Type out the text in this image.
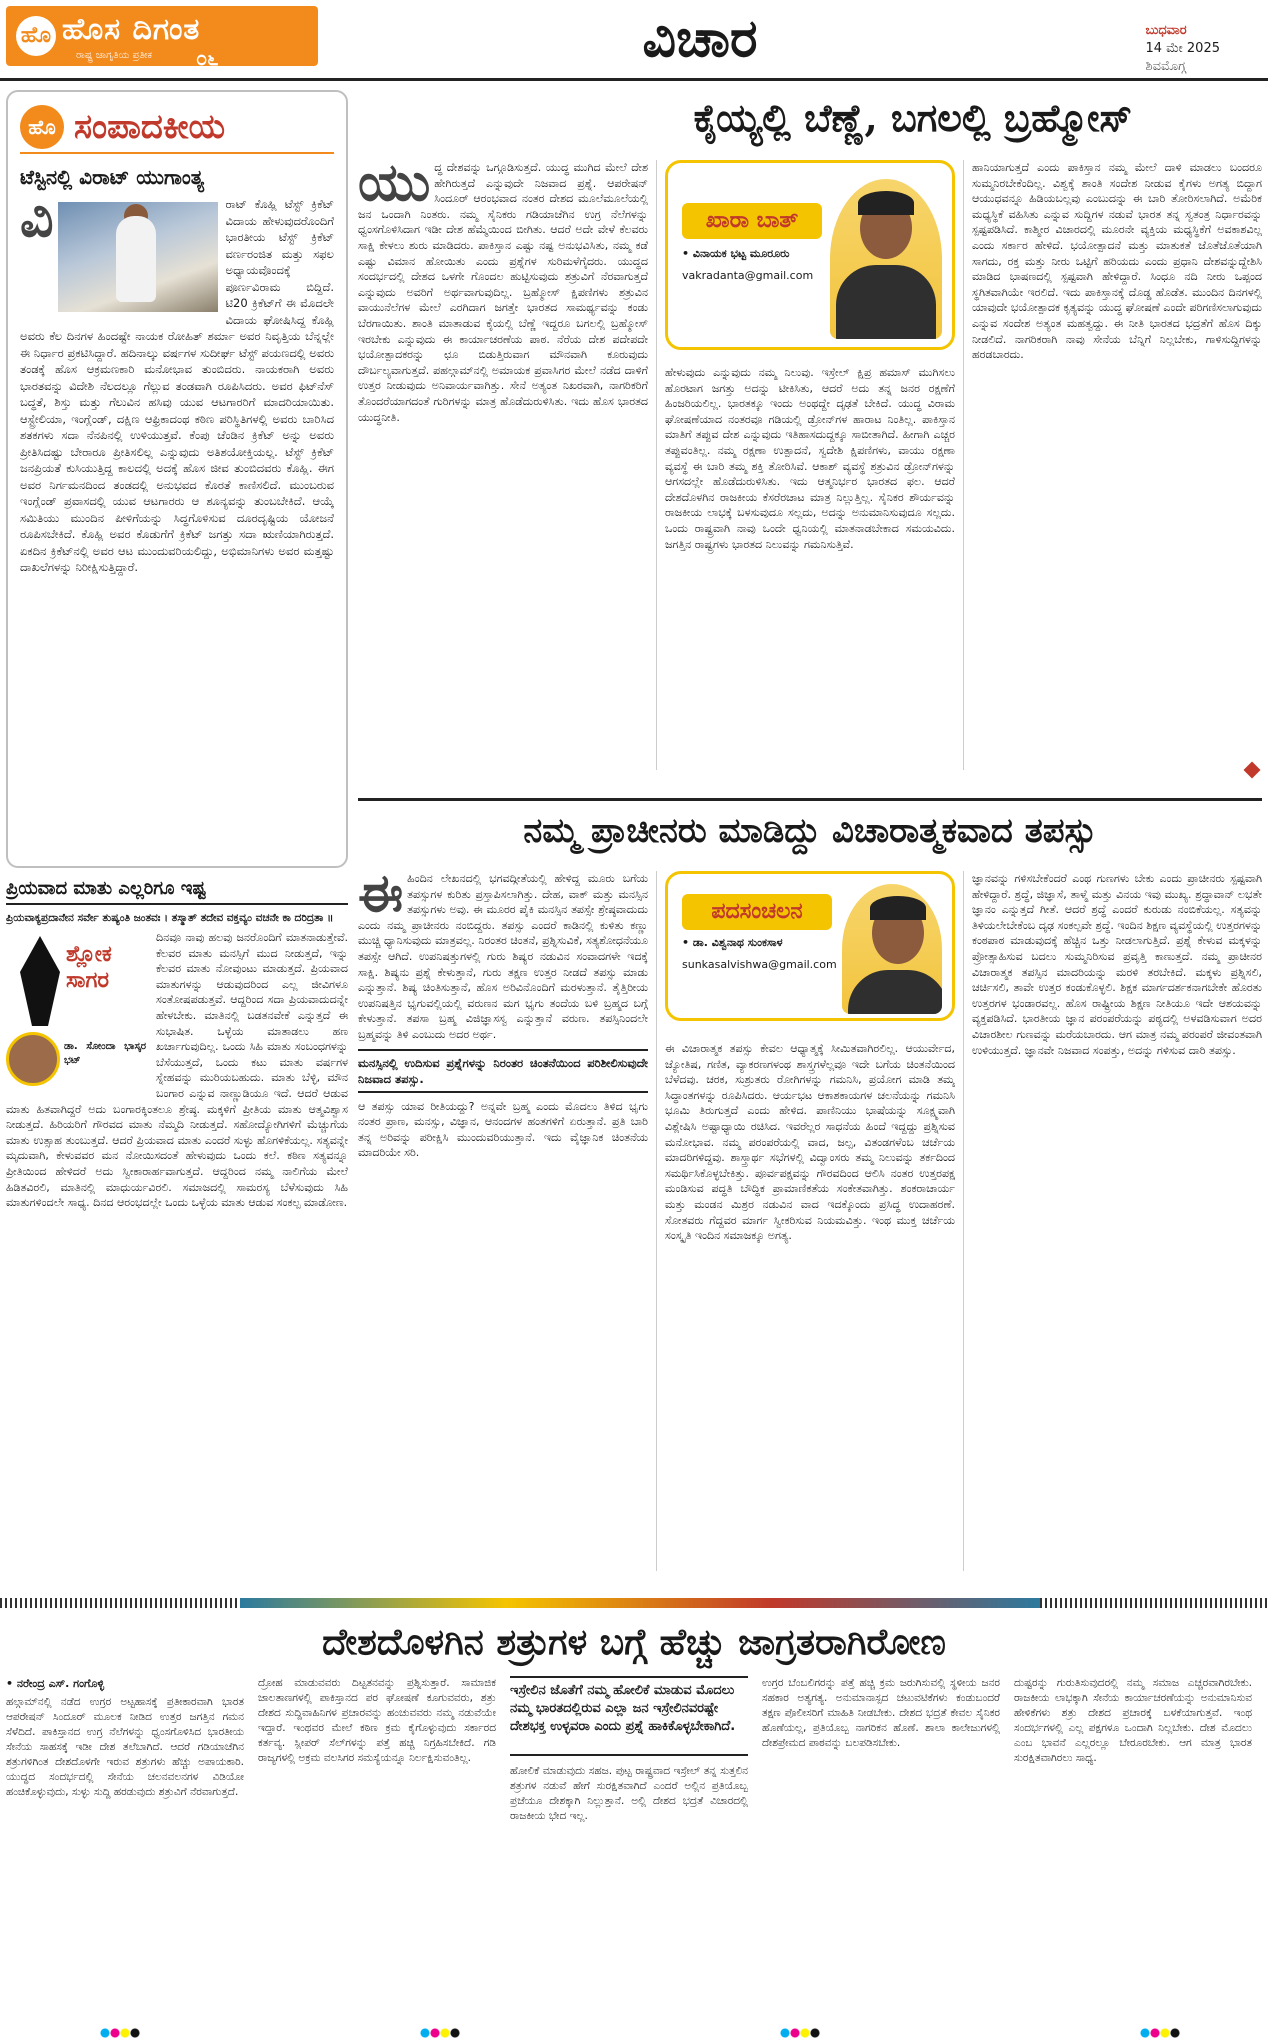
ಹೊ ಹೊಸ ದಿಗಂತ
ರಾಷ್ಟ್ರ ಜಾಗೃತಿಯ ಪ್ರತೀಕ ೦೬	ವಿಚಾರ	ಬುಧವಾರ
14 ಮೇ 2025
ಶಿವಮೊಗ್ಗ
ಹೊ ಸಂಪಾದಕೀಯ
ಟೆಸ್ಟಿನಲ್ಲಿ ವಿರಾಟ್ ಯುಗಾಂತ್ಯ
ವಿ	ರಾಟ್ ಕೊಹ್ಲಿ ಟೆಸ್ಟ್ ಕ್ರಿಕೆಟ್ ವಿದಾಯ ಹೇಳುವುದರೊಂದಿಗೆ ಭಾರತೀಯ ಟೆಸ್ಟ್ ಕ್ರಿಕೆಟ್ ವರ್ಣರಂಜಿತ ಮತ್ತು ಸಫಲ ಅಧ್ಯಾಯವೊಂದಕ್ಕೆ ಪೂರ್ಣವಿರಾಮ ಬಿದ್ದಿದೆ. ಟಿ20 ಕ್ರಿಕೆಟ್‌ಗೆ ಈ ಮೊದಲೇ ವಿದಾಯ ಘೋಷಿಸಿದ್ದ ಕೊಹ್ಲಿ ಅವರು ಕೆಲ ದಿನಗಳ ಹಿಂದಷ್ಟೇ ನಾಯಕ ರೋಹಿತ್ ಶರ್ಮಾ ಅವರ ನಿವೃತ್ತಿಯ ಬೆನ್ನಲ್ಲೇ ಈ ನಿರ್ಧಾರ ಪ್ರಕಟಿಸಿದ್ದಾರೆ. ಹದಿನಾಲ್ಕು ವರ್ಷಗಳ ಸುದೀರ್ಘ ಟೆಸ್ಟ್ ಪಯಣದಲ್ಲಿ ಅವರು ತಂಡಕ್ಕೆ ಹೊಸ ಆಕ್ರಮಣಕಾರಿ ಮನೋಭಾವ ತುಂಬಿದರು. ನಾಯಕರಾಗಿ ಅವರು ಭಾರತವನ್ನು ವಿದೇಶಿ ನೆಲದಲ್ಲೂ ಗೆಲ್ಲುವ ತಂಡವಾಗಿ ರೂಪಿಸಿದರು. ಅವರ ಫಿಟ್‌ನೆಸ್ ಬದ್ಧತೆ, ಶಿಸ್ತು ಮತ್ತು ಗೆಲುವಿನ ಹಸಿವು ಯುವ ಆಟಗಾರರಿಗೆ ಮಾದರಿಯಾಯಿತು. ಆಸ್ಟ್ರೇಲಿಯಾ, ಇಂಗ್ಲೆಂಡ್, ದಕ್ಷಿಣ ಆಫ್ರಿಕಾದಂಥ ಕಠಿಣ ಪರಿಸ್ಥಿತಿಗಳಲ್ಲಿ ಅವರು ಬಾರಿಸಿದ ಶತಕಗಳು ಸದಾ ನೆನಪಿನಲ್ಲಿ ಉಳಿಯುತ್ತವೆ. ಕೆಂಪು ಚೆಂಡಿನ ಕ್ರಿಕೆಟ್ ಅನ್ನು ಅವರು ಪ್ರೀತಿಸಿದಷ್ಟು ಬೇರಾರೂ ಪ್ರೀತಿಸಲಿಲ್ಲ ಎನ್ನುವುದು ಅತಿಶಯೋಕ್ತಿಯಲ್ಲ. ಟೆಸ್ಟ್ ಕ್ರಿಕೆಟ್ ಜನಪ್ರಿಯತೆ ಕುಸಿಯುತ್ತಿದ್ದ ಕಾಲದಲ್ಲಿ ಅದಕ್ಕೆ ಹೊಸ ಜೀವ ತುಂಬಿದವರು ಕೊಹ್ಲಿ. ಈಗ ಅವರ ನಿರ್ಗಮನದಿಂದ ತಂಡದಲ್ಲಿ ಅನುಭವದ ಕೊರತೆ ಕಾಣಿಸಲಿದೆ. ಮುಂಬರುವ ಇಂಗ್ಲೆಂಡ್ ಪ್ರವಾಸದಲ್ಲಿ ಯುವ ಆಟಗಾರರು ಆ ಶೂನ್ಯವನ್ನು ತುಂಬಬೇಕಿದೆ. ಆಯ್ಕೆ ಸಮಿತಿಯು ಮುಂದಿನ ಪೀಳಿಗೆಯನ್ನು ಸಿದ್ಧಗೊಳಿಸುವ ದೂರದೃಷ್ಟಿಯ ಯೋಜನೆ ರೂಪಿಸಬೇಕಿದೆ. ಕೊಹ್ಲಿ ಅವರ ಕೊಡುಗೆಗೆ ಕ್ರಿಕೆಟ್ ಜಗತ್ತು ಸದಾ ಋಣಿಯಾಗಿರುತ್ತದೆ. ಏಕದಿನ ಕ್ರಿಕೆಟ್‌ನಲ್ಲಿ ಅವರ ಆಟ ಮುಂದುವರಿಯಲಿದ್ದು, ಅಭಿಮಾನಿಗಳು ಅವರ ಮತ್ತಷ್ಟು ದಾಖಲೆಗಳನ್ನು ನಿರೀಕ್ಷಿಸುತ್ತಿದ್ದಾರೆ.
ಕೈಯ್ಯಲ್ಲಿ ಬೆಣ್ಣೆ, ಬಗಲಲ್ಲಿ ಬ್ರಹ್ಮೋಸ್
ಯು ದ್ಧ ದೇಶವನ್ನು ಒಗ್ಗೂಡಿಸುತ್ತದೆ. ಯುದ್ಧ ಮುಗಿದ ಮೇಲೆ ದೇಶ ಹೇಗಿರುತ್ತದೆ ಎನ್ನುವುದೇ ನಿಜವಾದ ಪ್ರಶ್ನೆ. ಆಪರೇಷನ್ ಸಿಂದೂರ್ ಆರಂಭವಾದ ನಂತರ ದೇಶದ ಮೂಲೆಮೂಲೆಯಲ್ಲಿ ಜನ ಒಂದಾಗಿ ನಿಂತರು. ನಮ್ಮ ಸೈನಿಕರು ಗಡಿಯಾಚೆಗಿನ ಉಗ್ರ ನೆಲೆಗಳನ್ನು ಧ್ವಂಸಗೊಳಿಸಿದಾಗ ಇಡೀ ದೇಶ ಹೆಮ್ಮೆಯಿಂದ ಬೀಗಿತು. ಆದರೆ ಅದೇ ವೇಳೆ ಕೆಲವರು ಸಾಕ್ಷಿ ಕೇಳಲು ಶುರು ಮಾಡಿದರು. ಪಾಕಿಸ್ತಾನ ಎಷ್ಟು ನಷ್ಟ ಅನುಭವಿಸಿತು, ನಮ್ಮ ಕಡೆ ಎಷ್ಟು ವಿಮಾನ ಹೋಯಿತು ಎಂದು ಪ್ರಶ್ನೆಗಳ ಸುರಿಮಳೆಗೈದರು. ಯುದ್ಧದ ಸಂದರ್ಭದಲ್ಲಿ ದೇಶದ ಒಳಗೇ ಗೊಂದಲ ಹುಟ್ಟಿಸುವುದು ಶತ್ರುವಿಗೆ ನೆರವಾಗುತ್ತದೆ ಎನ್ನುವುದು ಅವರಿಗೆ ಅರ್ಥವಾಗುವುದಿಲ್ಲ. ಬ್ರಹ್ಮೋಸ್ ಕ್ಷಿಪಣಿಗಳು ಶತ್ರುವಿನ ವಾಯುನೆಲೆಗಳ ಮೇಲೆ ಎರಗಿದಾಗ ಜಗತ್ತೇ ಭಾರತದ ಸಾಮರ್ಥ್ಯವನ್ನು ಕಂಡು ಬೆರಗಾಯಿತು. ಶಾಂತಿ ಮಾತಾಡುವ ಕೈಯಲ್ಲಿ ಬೆಣ್ಣೆ ಇದ್ದರೂ ಬಗಲಲ್ಲಿ ಬ್ರಹ್ಮೋಸ್ ಇರಬೇಕು ಎನ್ನುವುದು ಈ ಕಾರ್ಯಾಚರಣೆಯ ಪಾಠ. ನೆರೆಯ ದೇಶ ಪದೇಪದೇ ಭಯೋತ್ಪಾದಕರನ್ನು ಛೂ ಬಿಡುತ್ತಿರುವಾಗ ಮೌನವಾಗಿ ಕೂರುವುದು ದೌರ್ಬಲ್ಯವಾಗುತ್ತದೆ. ಪಹಲ್ಗಾಮ್‌ನಲ್ಲಿ ಅಮಾಯಕ ಪ್ರವಾಸಿಗರ ಮೇಲೆ ನಡೆದ ದಾಳಿಗೆ ಉತ್ತರ ನೀಡುವುದು ಅನಿವಾರ್ಯವಾಗಿತ್ತು. ಸೇನೆ ಅತ್ಯಂತ ನಿಖರವಾಗಿ, ನಾಗರಿಕರಿಗೆ ತೊಂದರೆಯಾಗದಂತೆ ಗುರಿಗಳನ್ನು ಮಾತ್ರ ಹೊಡೆದುರುಳಿಸಿತು. ಇದು ಹೊಸ ಭಾರತದ ಯುದ್ಧನೀತಿ.
ಖಾರಾ ಬಾತ್
• ವಿನಾಯಕ ಭಟ್ಟ ಮೂರೂರು
vakradanta@gmail.com
ಹೇಳುವುದು ಎನ್ನುವುದು ನಮ್ಮ ನಿಲುವು. ಇಸ್ರೇಲ್ ಕ್ಷಿಪ್ರ ಹಮಾಸ್ ಮುಗಿಸಲು ಹೊರಟಾಗ ಜಗತ್ತು ಅದನ್ನು ಟೀಕಿಸಿತು, ಆದರೆ ಅದು ತನ್ನ ಜನರ ರಕ್ಷಣೆಗೆ ಹಿಂಜರಿಯಲಿಲ್ಲ. ಭಾರತಕ್ಕೂ ಇಂದು ಅಂಥದ್ದೇ ದೃಢತೆ ಬೇಕಿದೆ. ಯುದ್ಧ ವಿರಾಮ ಘೋಷಣೆಯಾದ ನಂತರವೂ ಗಡಿಯಲ್ಲಿ ಡ್ರೋನ್‌ಗಳ ಹಾರಾಟ ನಿಂತಿಲ್ಲ. ಪಾಕಿಸ್ತಾನ ಮಾತಿಗೆ ತಪ್ಪುವ ದೇಶ ಎನ್ನುವುದು ಇತಿಹಾಸದುದ್ದಕ್ಕೂ ಸಾಬೀತಾಗಿದೆ. ಹೀಗಾಗಿ ಎಚ್ಚರ ತಪ್ಪುವಂತಿಲ್ಲ. ನಮ್ಮ ರಕ್ಷಣಾ ಉತ್ಪಾದನೆ, ಸ್ವದೇಶಿ ಕ್ಷಿಪಣಿಗಳು, ವಾಯು ರಕ್ಷಣಾ ವ್ಯವಸ್ಥೆ ಈ ಬಾರಿ ತಮ್ಮ ಶಕ್ತಿ ತೋರಿಸಿವೆ. ಆಕಾಶ್ ವ್ಯವಸ್ಥೆ ಶತ್ರುವಿನ ಡ್ರೋನ್‌ಗಳನ್ನು ಆಗಸದಲ್ಲೇ ಹೊಡೆದುರುಳಿಸಿತು. ಇದು ಆತ್ಮನಿರ್ಭರ ಭಾರತದ ಫಲ. ಆದರೆ ದೇಶದೊಳಗಿನ ರಾಜಕೀಯ ಕೆಸರೆರಚಾಟ ಮಾತ್ರ ನಿಲ್ಲುತ್ತಿಲ್ಲ. ಸೈನಿಕರ ಶೌರ್ಯವನ್ನು ರಾಜಕೀಯ ಲಾಭಕ್ಕೆ ಬಳಸುವುದೂ ಸಲ್ಲದು, ಅದನ್ನು ಅನುಮಾನಿಸುವುದೂ ಸಲ್ಲದು. ಒಂದು ರಾಷ್ಟ್ರವಾಗಿ ನಾವು ಒಂದೇ ಧ್ವನಿಯಲ್ಲಿ ಮಾತನಾಡಬೇಕಾದ ಸಮಯವಿದು. ಜಗತ್ತಿನ ರಾಷ್ಟ್ರಗಳು ಭಾರತದ ನಿಲುವನ್ನು ಗಮನಿಸುತ್ತಿವೆ.
ಹಾನಿಯಾಗುತ್ತದೆ ಎಂದು ಪಾಕಿಸ್ತಾನ ನಮ್ಮ ಮೇಲೆ ದಾಳಿ ಮಾಡಲು ಬಂದರೂ ಸುಮ್ಮನಿರಬೇಕೆಂದಿಲ್ಲ. ವಿಶ್ವಕ್ಕೆ ಶಾಂತಿ ಸಂದೇಶ ನೀಡುವ ಕೈಗಳು ಅಗತ್ಯ ಬಿದ್ದಾಗ ಆಯುಧವನ್ನೂ ಹಿಡಿಯಬಲ್ಲವು ಎಂಬುದನ್ನು ಈ ಬಾರಿ ತೋರಿಸಲಾಗಿದೆ. ಅಮೆರಿಕ ಮಧ್ಯಸ್ಥಿಕೆ ವಹಿಸಿತು ಎನ್ನುವ ಸುದ್ದಿಗಳ ನಡುವೆ ಭಾರತ ತನ್ನ ಸ್ವತಂತ್ರ ನಿರ್ಧಾರವನ್ನು ಸ್ಪಷ್ಟಪಡಿಸಿದೆ. ಕಾಶ್ಮೀರ ವಿಚಾರದಲ್ಲಿ ಮೂರನೇ ವ್ಯಕ್ತಿಯ ಮಧ್ಯಸ್ಥಿಕೆಗೆ ಅವಕಾಶವಿಲ್ಲ ಎಂದು ಸರ್ಕಾರ ಹೇಳಿದೆ. ಭಯೋತ್ಪಾದನೆ ಮತ್ತು ಮಾತುಕತೆ ಜೊತೆಜೊತೆಯಾಗಿ ಸಾಗದು, ರಕ್ತ ಮತ್ತು ನೀರು ಒಟ್ಟಿಗೆ ಹರಿಯದು ಎಂದು ಪ್ರಧಾನಿ ದೇಶವನ್ನುದ್ದೇಶಿಸಿ ಮಾಡಿದ ಭಾಷಣದಲ್ಲಿ ಸ್ಪಷ್ಟವಾಗಿ ಹೇಳಿದ್ದಾರೆ. ಸಿಂಧೂ ನದಿ ನೀರು ಒಪ್ಪಂದ ಸ್ಥಗಿತವಾಗಿಯೇ ಇರಲಿದೆ. ಇದು ಪಾಕಿಸ್ತಾನಕ್ಕೆ ದೊಡ್ಡ ಹೊಡೆತ. ಮುಂದಿನ ದಿನಗಳಲ್ಲಿ ಯಾವುದೇ ಭಯೋತ್ಪಾದಕ ಕೃತ್ಯವನ್ನು ಯುದ್ಧ ಘೋಷಣೆ ಎಂದೇ ಪರಿಗಣಿಸಲಾಗುವುದು ಎನ್ನುವ ಸಂದೇಶ ಅತ್ಯಂತ ಮಹತ್ವದ್ದು. ಈ ನೀತಿ ಭಾರತದ ಭದ್ರತೆಗೆ ಹೊಸ ದಿಕ್ಕು ನೀಡಲಿದೆ. ನಾಗರಿಕರಾಗಿ ನಾವು ಸೇನೆಯ ಬೆನ್ನಿಗೆ ನಿಲ್ಲಬೇಕು, ಗಾಳಿಸುದ್ದಿಗಳನ್ನು ಹರಡಬಾರದು.
ಪ್ರಿಯವಾದ ಮಾತು ಎಲ್ಲರಿಗೂ ಇಷ್ಟ

ಪ್ರಿಯವಾಕ್ಯಪ್ರದಾನೇನ ಸರ್ವೇ ತುಷ್ಯಂತಿ ಜಂತವಃ । ತಸ್ಮಾತ್ ತದೇವ ವಕ್ತವ್ಯಂ ವಚನೇ ಕಾ ದರಿದ್ರತಾ ॥

ಶ್ಲೋಕ ಸಾಗರ
ಡಾ. ಸೋಂದಾ ಭಾಸ್ಕರ ಭಟ್
ದಿನವೂ ನಾವು ಹಲವು ಜನರೊಂದಿಗೆ ಮಾತನಾಡುತ್ತೇವೆ. ಕೆಲವರ ಮಾತು ಮನಸ್ಸಿಗೆ ಮುದ ನೀಡುತ್ತದೆ, ಇನ್ನು ಕೆಲವರ ಮಾತು ನೋವುಂಟು ಮಾಡುತ್ತದೆ. ಪ್ರಿಯವಾದ ಮಾತುಗಳನ್ನು ಆಡುವುದರಿಂದ ಎಲ್ಲ ಜೀವಿಗಳೂ ಸಂತೋಷಪಡುತ್ತವೆ. ಆದ್ದರಿಂದ ಸದಾ ಪ್ರಿಯವಾದುದನ್ನೇ ಹೇಳಬೇಕು. ಮಾತಿನಲ್ಲಿ ಬಡತನವೇಕೆ ಎನ್ನುತ್ತದೆ ಈ ಸುಭಾಷಿತ. ಒಳ್ಳೆಯ ಮಾತಾಡಲು ಹಣ ಖರ್ಚಾಗುವುದಿಲ್ಲ. ಒಂದು ಸಿಹಿ ಮಾತು ಸಂಬಂಧಗಳನ್ನು ಬೆಸೆಯುತ್ತದೆ, ಒಂದು ಕಟು ಮಾತು ವರ್ಷಗಳ ಸ್ನೇಹವನ್ನು ಮುರಿಯಬಹುದು. ಮಾತು ಬೆಳ್ಳಿ, ಮೌನ ಬಂಗಾರ ಎನ್ನುವ ನಾಣ್ಣುಡಿಯೂ ಇದೆ. ಆದರೆ ಆಡುವ ಮಾತು ಹಿತವಾಗಿದ್ದರೆ ಅದು ಬಂಗಾರಕ್ಕಿಂತಲೂ ಶ್ರೇಷ್ಠ. ಮಕ್ಕಳಿಗೆ ಪ್ರೀತಿಯ ಮಾತು ಆತ್ಮವಿಶ್ವಾಸ ನೀಡುತ್ತದೆ. ಹಿರಿಯರಿಗೆ ಗೌರವದ ಮಾತು ನೆಮ್ಮದಿ ನೀಡುತ್ತದೆ. ಸಹೋದ್ಯೋಗಿಗಳಿಗೆ ಮೆಚ್ಚುಗೆಯ ಮಾತು ಉತ್ಸಾಹ ತುಂಬುತ್ತದೆ. ಆದರೆ ಪ್ರಿಯವಾದ ಮಾತು ಎಂದರೆ ಸುಳ್ಳು ಹೊಗಳಿಕೆಯಲ್ಲ. ಸತ್ಯವನ್ನೇ ಮೃದುವಾಗಿ, ಕೇಳುವವರ ಮನ ನೋಯಿಸದಂತೆ ಹೇಳುವುದು ಒಂದು ಕಲೆ. ಕಠಿಣ ಸತ್ಯವನ್ನೂ ಪ್ರೀತಿಯಿಂದ ಹೇಳಿದರೆ ಅದು ಸ್ವೀಕಾರಾರ್ಹವಾಗುತ್ತದೆ. ಆದ್ದರಿಂದ ನಮ್ಮ ನಾಲಿಗೆಯ ಮೇಲೆ ಹಿಡಿತವಿರಲಿ, ಮಾತಿನಲ್ಲಿ ಮಾಧುರ್ಯವಿರಲಿ. ಸಮಾಜದಲ್ಲಿ ಸಾಮರಸ್ಯ ಬೆಳೆಸುವುದು ಸಿಹಿ ಮಾತುಗಳಿಂದಲೇ ಸಾಧ್ಯ. ದಿನದ ಆರಂಭದಲ್ಲೇ ಒಂದು ಒಳ್ಳೆಯ ಮಾತು ಆಡುವ ಸಂಕಲ್ಪ ಮಾಡೋಣ.
ನಮ್ಮ ಪ್ರಾಚೀನರು ಮಾಡಿದ್ದು ವಿಚಾರಾತ್ಮಕವಾದ ತಪಸ್ಸು
ಈ ಹಿಂದಿನ ಲೇಖನದಲ್ಲಿ ಭಗವದ್ಗೀತೆಯಲ್ಲಿ ಹೇಳಿದ್ದ ಮೂರು ಬಗೆಯ ತಪಸ್ಸುಗಳ ಕುರಿತು ಪ್ರಸ್ತಾಪಿಸಲಾಗಿತ್ತು. ದೇಹ, ವಾಕ್ ಮತ್ತು ಮನಸ್ಸಿನ ತಪಸ್ಸುಗಳು ಅವು. ಈ ಮೂರರ ಪೈಕಿ ಮನಸ್ಸಿನ ತಪಸ್ಸೇ ಶ್ರೇಷ್ಠವಾದುದು ಎಂದು ನಮ್ಮ ಪ್ರಾಚೀನರು ನಂಬಿದ್ದರು. ತಪಸ್ಸು ಎಂದರೆ ಕಾಡಿನಲ್ಲಿ ಕುಳಿತು ಕಣ್ಣು ಮುಚ್ಚಿ ಧ್ಯಾನಿಸುವುದು ಮಾತ್ರವಲ್ಲ. ನಿರಂತರ ಚಿಂತನೆ, ಪ್ರಶ್ನಿಸುವಿಕೆ, ಸತ್ಯಶೋಧನೆಯೂ ತಪಸ್ಸೇ ಆಗಿದೆ. ಉಪನಿಷತ್ತುಗಳಲ್ಲಿ ಗುರು ಶಿಷ್ಯರ ನಡುವಿನ ಸಂವಾದಗಳೇ ಇದಕ್ಕೆ ಸಾಕ್ಷಿ. ಶಿಷ್ಯನು ಪ್ರಶ್ನೆ ಕೇಳುತ್ತಾನೆ, ಗುರು ತಕ್ಷಣ ಉತ್ತರ ನೀಡದೆ ತಪಸ್ಸು ಮಾಡು ಎನ್ನುತ್ತಾನೆ. ಶಿಷ್ಯ ಚಿಂತಿಸುತ್ತಾನೆ, ಹೊಸ ಅರಿವಿನೊಂದಿಗೆ ಮರಳುತ್ತಾನೆ. ತೈತ್ತಿರೀಯ ಉಪನಿಷತ್ತಿನ ಭೃಗುವಲ್ಲಿಯಲ್ಲಿ ವರುಣನ ಮಗ ಭೃಗು ತಂದೆಯ ಬಳಿ ಬ್ರಹ್ಮದ ಬಗ್ಗೆ ಕೇಳುತ್ತಾನೆ. ತಪಸಾ ಬ್ರಹ್ಮ ವಿಜಿಜ್ಞಾಸಸ್ವ ಎನ್ನುತ್ತಾನೆ ವರುಣ. ತಪಸ್ಸಿನಿಂದಲೇ ಬ್ರಹ್ಮವನ್ನು ತಿಳಿ ಎಂಬುದು ಅದರ ಅರ್ಥ.
ಮನಸ್ಸಿನಲ್ಲಿ ಉದಿಸುವ ಪ್ರಶ್ನೆಗಳನ್ನು ನಿರಂತರ ಚಿಂತನೆಯಿಂದ ಪರಿಶೀಲಿಸುವುದೇ ನಿಜವಾದ ತಪಸ್ಸು.
ಆ ತಪಸ್ಸು ಯಾವ ರೀತಿಯದ್ದು? ಅನ್ನವೇ ಬ್ರಹ್ಮ ಎಂದು ಮೊದಲು ತಿಳಿದ ಭೃಗು ನಂತರ ಪ್ರಾಣ, ಮನಸ್ಸು, ವಿಜ್ಞಾನ, ಆನಂದಗಳ ಹಂತಗಳಿಗೆ ಏರುತ್ತಾನೆ. ಪ್ರತಿ ಬಾರಿ ತನ್ನ ಅರಿವನ್ನು ಪರೀಕ್ಷಿಸಿ ಮುಂದುವರಿಯುತ್ತಾನೆ. ಇದು ವೈಜ್ಞಾನಿಕ ಚಿಂತನೆಯ ಮಾದರಿಯೇ ಸರಿ.
ಪದಸಂಚಲನ
• ಡಾ. ವಿಶ್ವನಾಥ ಸುಂಕಸಾಳ
sunkasalvishwa@gmail.com
ಈ ವಿಚಾರಾತ್ಮಕ ತಪಸ್ಸು ಕೇವಲ ಆಧ್ಯಾತ್ಮಕ್ಕೆ ಸೀಮಿತವಾಗಿರಲಿಲ್ಲ. ಆಯುರ್ವೇದ, ಜ್ಯೋತಿಷ, ಗಣಿತ, ವ್ಯಾಕರಣಗಳಂಥ ಶಾಸ್ತ್ರಗಳೆಲ್ಲವೂ ಇದೇ ಬಗೆಯ ಚಿಂತನೆಯಿಂದ ಬೆಳೆದವು. ಚರಕ, ಸುಶ್ರುತರು ರೋಗಿಗಳನ್ನು ಗಮನಿಸಿ, ಪ್ರಯೋಗ ಮಾಡಿ ತಮ್ಮ ಸಿದ್ಧಾಂತಗಳನ್ನು ರೂಪಿಸಿದರು. ಆರ್ಯಭಟ ಆಕಾಶಕಾಯಗಳ ಚಲನೆಯನ್ನು ಗಮನಿಸಿ ಭೂಮಿ ತಿರುಗುತ್ತದೆ ಎಂದು ಹೇಳಿದ. ಪಾಣಿನಿಯು ಭಾಷೆಯನ್ನು ಸೂಕ್ಷ್ಮವಾಗಿ ವಿಶ್ಲೇಷಿಸಿ ಅಷ್ಟಾಧ್ಯಾಯಿ ರಚಿಸಿದ. ಇವರೆಲ್ಲರ ಸಾಧನೆಯ ಹಿಂದೆ ಇದ್ದದ್ದು ಪ್ರಶ್ನಿಸುವ ಮನೋಭಾವ. ನಮ್ಮ ಪರಂಪರೆಯಲ್ಲಿ ವಾದ, ಜಲ್ಪ, ವಿತಂಡಗಳೆಂಬ ಚರ್ಚೆಯ ಮಾದರಿಗಳಿದ್ದವು. ಶಾಸ್ತ್ರಾರ್ಥ ಸಭೆಗಳಲ್ಲಿ ವಿದ್ವಾಂಸರು ತಮ್ಮ ನಿಲುವನ್ನು ತರ್ಕದಿಂದ ಸಮರ್ಥಿಸಿಕೊಳ್ಳಬೇಕಿತ್ತು. ಪೂರ್ವಪಕ್ಷವನ್ನು ಗೌರವದಿಂದ ಆಲಿಸಿ ನಂತರ ಉತ್ತರಪಕ್ಷ ಮಂಡಿಸುವ ಪದ್ಧತಿ ಬೌದ್ಧಿಕ ಪ್ರಾಮಾಣಿಕತೆಯ ಸಂಕೇತವಾಗಿತ್ತು. ಶಂಕರಾಚಾರ್ಯ ಮತ್ತು ಮಂಡನ ಮಿಶ್ರರ ನಡುವಿನ ವಾದ ಇದಕ್ಕೊಂದು ಪ್ರಸಿದ್ಧ ಉದಾಹರಣೆ. ಸೋತವರು ಗೆದ್ದವರ ಮಾರ್ಗ ಸ್ವೀಕರಿಸುವ ನಿಯಮವಿತ್ತು. ಇಂಥ ಮುಕ್ತ ಚರ್ಚೆಯ ಸಂಸ್ಕೃತಿ ಇಂದಿನ ಸಮಾಜಕ್ಕೂ ಅಗತ್ಯ.
ಜ್ಞಾನವನ್ನು ಗಳಿಸಬೇಕೆಂದರೆ ಎಂಥ ಗುಣಗಳು ಬೇಕು ಎಂದು ಪ್ರಾಚೀನರು ಸ್ಪಷ್ಟವಾಗಿ ಹೇಳಿದ್ದಾರೆ. ಶ್ರದ್ಧೆ, ಜಿಜ್ಞಾಸೆ, ತಾಳ್ಮೆ ಮತ್ತು ವಿನಯ ಇವು ಮುಖ್ಯ. ಶ್ರದ್ಧಾವಾನ್ ಲಭತೇ ಜ್ಞಾನಂ ಎನ್ನುತ್ತದೆ ಗೀತೆ. ಆದರೆ ಶ್ರದ್ಧೆ ಎಂದರೆ ಕುರುಡು ನಂಬಿಕೆಯಲ್ಲ. ಸತ್ಯವನ್ನು ತಿಳಿಯಲೇಬೇಕೆಂಬ ದೃಢ ಸಂಕಲ್ಪವೇ ಶ್ರದ್ಧೆ. ಇಂದಿನ ಶಿಕ್ಷಣ ವ್ಯವಸ್ಥೆಯಲ್ಲಿ ಉತ್ತರಗಳನ್ನು ಕಂಠಪಾಠ ಮಾಡುವುದಕ್ಕೆ ಹೆಚ್ಚಿನ ಒತ್ತು ನೀಡಲಾಗುತ್ತಿದೆ. ಪ್ರಶ್ನೆ ಕೇಳುವ ಮಕ್ಕಳನ್ನು ಪ್ರೋತ್ಸಾಹಿಸುವ ಬದಲು ಸುಮ್ಮನಿರಿಸುವ ಪ್ರವೃತ್ತಿ ಕಾಣುತ್ತದೆ. ನಮ್ಮ ಪ್ರಾಚೀನರ ವಿಚಾರಾತ್ಮಕ ತಪಸ್ಸಿನ ಮಾದರಿಯನ್ನು ಮರಳಿ ತರಬೇಕಿದೆ. ಮಕ್ಕಳು ಪ್ರಶ್ನಿಸಲಿ, ಚರ್ಚಿಸಲಿ, ತಾವೇ ಉತ್ತರ ಕಂಡುಕೊಳ್ಳಲಿ. ಶಿಕ್ಷಕ ಮಾರ್ಗದರ್ಶಕನಾಗಬೇಕೇ ಹೊರತು ಉತ್ತರಗಳ ಭಂಡಾರವಲ್ಲ. ಹೊಸ ರಾಷ್ಟ್ರೀಯ ಶಿಕ್ಷಣ ನೀತಿಯೂ ಇದೇ ಆಶಯವನ್ನು ವ್ಯಕ್ತಪಡಿಸಿದೆ. ಭಾರತೀಯ ಜ್ಞಾನ ಪರಂಪರೆಯನ್ನು ಪಠ್ಯದಲ್ಲಿ ಅಳವಡಿಸುವಾಗ ಅದರ ವಿಚಾರಶೀಲ ಗುಣವನ್ನು ಮರೆಯಬಾರದು. ಆಗ ಮಾತ್ರ ನಮ್ಮ ಪರಂಪರೆ ಜೀವಂತವಾಗಿ ಉಳಿಯುತ್ತದೆ. ಜ್ಞಾನವೇ ನಿಜವಾದ ಸಂಪತ್ತು, ಅದನ್ನು ಗಳಿಸುವ ದಾರಿ ತಪಸ್ಸು.
ದೇಶದೊಳಗಿನ ಶತ್ರುಗಳ ಬಗ್ಗೆ ಹೆಚ್ಚು ಜಾಗ್ರತರಾಗಿರೋಣ
• ನರೇಂದ್ರ ಎಸ್. ಗಂಗೊಳ್ಳಿ
ಹಲ್ಗಾಮ್‌ನಲ್ಲಿ ನಡೆದ ಉಗ್ರರ ಅಟ್ಟಹಾಸಕ್ಕೆ ಪ್ರತೀಕಾರವಾಗಿ ಭಾರತ ಆಪರೇಷನ್ ಸಿಂದೂರ್ ಮೂಲಕ ನೀಡಿದ ಉತ್ತರ ಜಗತ್ತಿನ ಗಮನ ಸೆಳೆದಿದೆ. ಪಾಕಿಸ್ತಾನದ ಉಗ್ರ ನೆಲೆಗಳನ್ನು ಧ್ವಂಸಗೊಳಿಸಿದ ಭಾರತೀಯ ಸೇನೆಯ ಸಾಹಸಕ್ಕೆ ಇಡೀ ದೇಶ ತಲೆಬಾಗಿದೆ. ಆದರೆ ಗಡಿಯಾಚೆಗಿನ ಶತ್ರುಗಳಿಗಿಂತ ದೇಶದೊಳಗೇ ಇರುವ ಶತ್ರುಗಳು ಹೆಚ್ಚು ಅಪಾಯಕಾರಿ. ಯುದ್ಧದ ಸಂದರ್ಭದಲ್ಲಿ ಸೇನೆಯ ಚಲನವಲನಗಳ ವಿಡಿಯೋ ಹಂಚಿಕೊಳ್ಳುವುದು, ಸುಳ್ಳು ಸುದ್ದಿ ಹರಡುವುದು ಶತ್ರುವಿಗೆ ನೆರವಾಗುತ್ತದೆ.
ದ್ರೋಹ ಮಾಡುವವರು ದಿಟ್ಟತನವನ್ನು ಪ್ರಶ್ನಿಸುತ್ತಾರೆ. ಸಾಮಾಜಿಕ ಜಾಲತಾಣಗಳಲ್ಲಿ ಪಾಕಿಸ್ತಾನದ ಪರ ಘೋಷಣೆ ಕೂಗುವವರು, ಶತ್ರು ದೇಶದ ಸುದ್ದಿವಾಹಿನಿಗಳ ಪ್ರಚಾರವನ್ನು ಹಂಚುವವರು ನಮ್ಮ ನಡುವೆಯೇ ಇದ್ದಾರೆ. ಇಂಥವರ ಮೇಲೆ ಕಠಿಣ ಕ್ರಮ ಕೈಗೊಳ್ಳುವುದು ಸರ್ಕಾರದ ಕರ್ತವ್ಯ. ಸ್ಲೀಪರ್ ಸೆಲ್‌ಗಳನ್ನು ಪತ್ತೆ ಹಚ್ಚಿ ನಿಗ್ರಹಿಸಬೇಕಿದೆ. ಗಡಿ ರಾಜ್ಯಗಳಲ್ಲಿ ಅಕ್ರಮ ವಲಸಿಗರ ಸಮಸ್ಯೆಯನ್ನೂ ನಿರ್ಲಕ್ಷಿಸುವಂತಿಲ್ಲ.
ಇಸ್ರೇಲಿನ ಜೊತೆಗೆ ನಮ್ಮ ಹೋಲಿಕೆ ಮಾಡುವ ಮೊದಲು ನಮ್ಮ ಭಾರತದಲ್ಲಿರುವ ಎಲ್ಲಾ ಜನ ಇಸ್ರೇಲಿನವರಷ್ಟೇ ದೇಶಭಕ್ತ ಉಳ್ಳವರಾ ಎಂದು ಪ್ರಶ್ನೆ ಹಾಕಿಕೊಳ್ಳಬೇಕಾಗಿದೆ.
ಹೋಲಿಕೆ ಮಾಡುವುದು ಸಹಜ. ಪುಟ್ಟ ರಾಷ್ಟ್ರವಾದ ಇಸ್ರೇಲ್ ತನ್ನ ಸುತ್ತಲಿನ ಶತ್ರುಗಳ ನಡುವೆ ಹೇಗೆ ಸುರಕ್ಷಿತವಾಗಿದೆ ಎಂದರೆ ಅಲ್ಲಿನ ಪ್ರತಿಯೊಬ್ಬ ಪ್ರಜೆಯೂ ದೇಶಕ್ಕಾಗಿ ನಿಲ್ಲುತ್ತಾನೆ. ಅಲ್ಲಿ ದೇಶದ ಭದ್ರತೆ ವಿಚಾರದಲ್ಲಿ ರಾಜಕೀಯ ಭೇದ ಇಲ್ಲ.
ಉಗ್ರರ ಬೆಂಬಲಿಗರನ್ನು ಪತ್ತೆ ಹಚ್ಚಿ ಕ್ರಮ ಜರುಗಿಸುವಲ್ಲಿ ಸ್ಥಳೀಯ ಜನರ ಸಹಕಾರ ಅತ್ಯಗತ್ಯ. ಅನುಮಾನಾಸ್ಪದ ಚಟುವಟಿಕೆಗಳು ಕಂಡುಬಂದರೆ ತಕ್ಷಣ ಪೊಲೀಸರಿಗೆ ಮಾಹಿತಿ ನೀಡಬೇಕು. ದೇಶದ ಭದ್ರತೆ ಕೇವಲ ಸೈನಿಕರ ಹೊಣೆಯಲ್ಲ, ಪ್ರತಿಯೊಬ್ಬ ನಾಗರಿಕನ ಹೊಣೆ. ಶಾಲಾ ಕಾಲೇಜುಗಳಲ್ಲಿ ದೇಶಪ್ರೇಮದ ಪಾಠವನ್ನು ಬಲಪಡಿಸಬೇಕು.
ದುಷ್ಟರನ್ನು ಗುರುತಿಸುವುದರಲ್ಲಿ ನಮ್ಮ ಸಮಾಜ ಎಚ್ಚರವಾಗಿರಬೇಕು. ರಾಜಕೀಯ ಲಾಭಕ್ಕಾಗಿ ಸೇನೆಯ ಕಾರ್ಯಾಚರಣೆಯನ್ನು ಅನುಮಾನಿಸುವ ಹೇಳಿಕೆಗಳು ಶತ್ರು ದೇಶದ ಪ್ರಚಾರಕ್ಕೆ ಬಳಕೆಯಾಗುತ್ತವೆ. ಇಂಥ ಸಂದರ್ಭಗಳಲ್ಲಿ ಎಲ್ಲ ಪಕ್ಷಗಳೂ ಒಂದಾಗಿ ನಿಲ್ಲಬೇಕು. ದೇಶ ಮೊದಲು ಎಂಬ ಭಾವನೆ ಎಲ್ಲರಲ್ಲೂ ಬೇರೂರಬೇಕು. ಆಗ ಮಾತ್ರ ಭಾರತ ಸುರಕ್ಷಿತವಾಗಿರಲು ಸಾಧ್ಯ.
